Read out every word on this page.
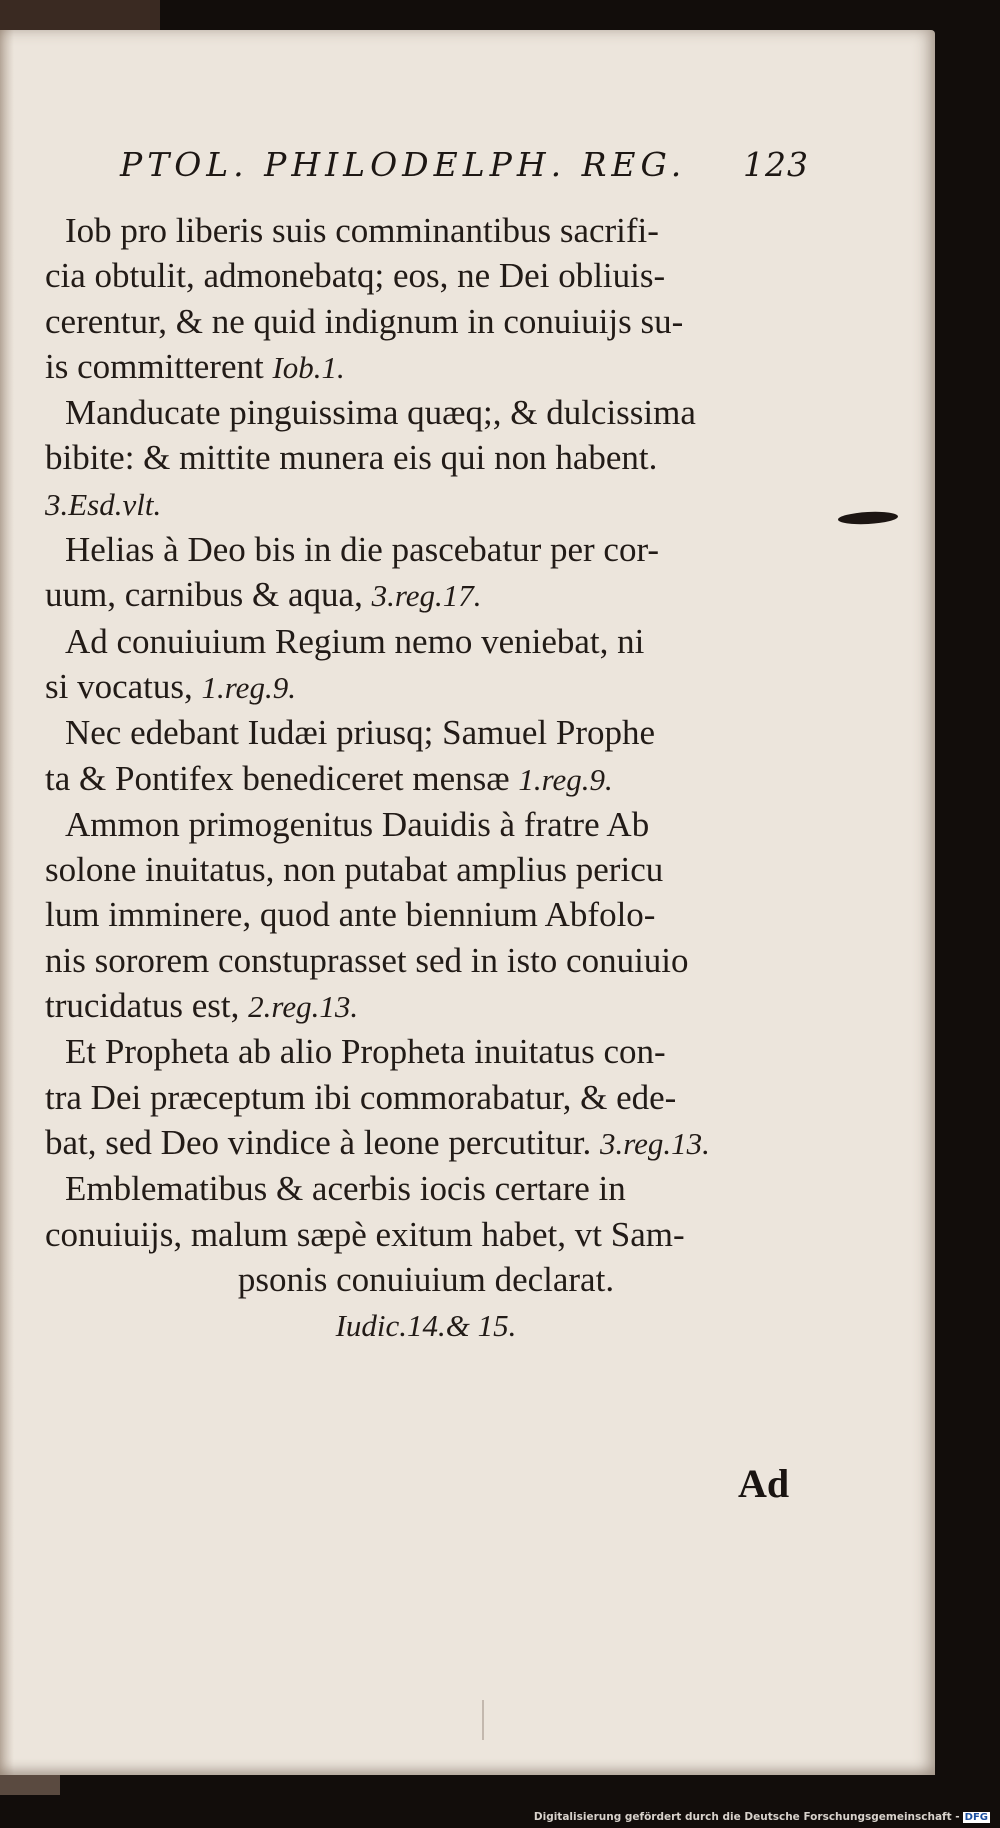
PTOL. PHILODELPH. REG. 123
Iob pro liberis suis comminantibus sacrifi-
cia obtulit, admonebatq; eos, ne Dei obliuis-
cerentur, & ne quid indignum in conuiuijs su-
is committerent Iob.1.
Manducate pinguissima quæq;, & dulcissima
bibite: & mittite munera eis qui non habent.
3.Esd.vlt.
Helias à Deo bis in die pascebatur per cor-
uum, carnibus & aqua, 3.reg.17.
Ad conuiuium Regium nemo veniebat, ni
si vocatus, 1.reg.9.
Nec edebant Iudæi priusq; Samuel Prophe
ta & Pontifex benediceret mensæ 1.reg.9.
Ammon primogenitus Dauidis à fratre Ab
solone inuitatus, non putabat amplius pericu
lum imminere, quod ante biennium Abfolo-
nis sororem constuprasset sed in isto conuiuio
trucidatus est, 2.reg.13.
Et Propheta ab alio Propheta inuitatus con-
tra Dei præceptum ibi commorabatur, & ede-
bat, sed Deo vindice à leone percutitur. 3.reg.13.
Emblematibus & acerbis iocis certare in
conuiuijs, malum sæpè exitum habet, vt Sam-
psonis conuiuium declarat.
Iudic.14.& 15.
Ad
Digitalisierung gefördert durch die Deutsche Forschungsgemeinschaft - DFG
